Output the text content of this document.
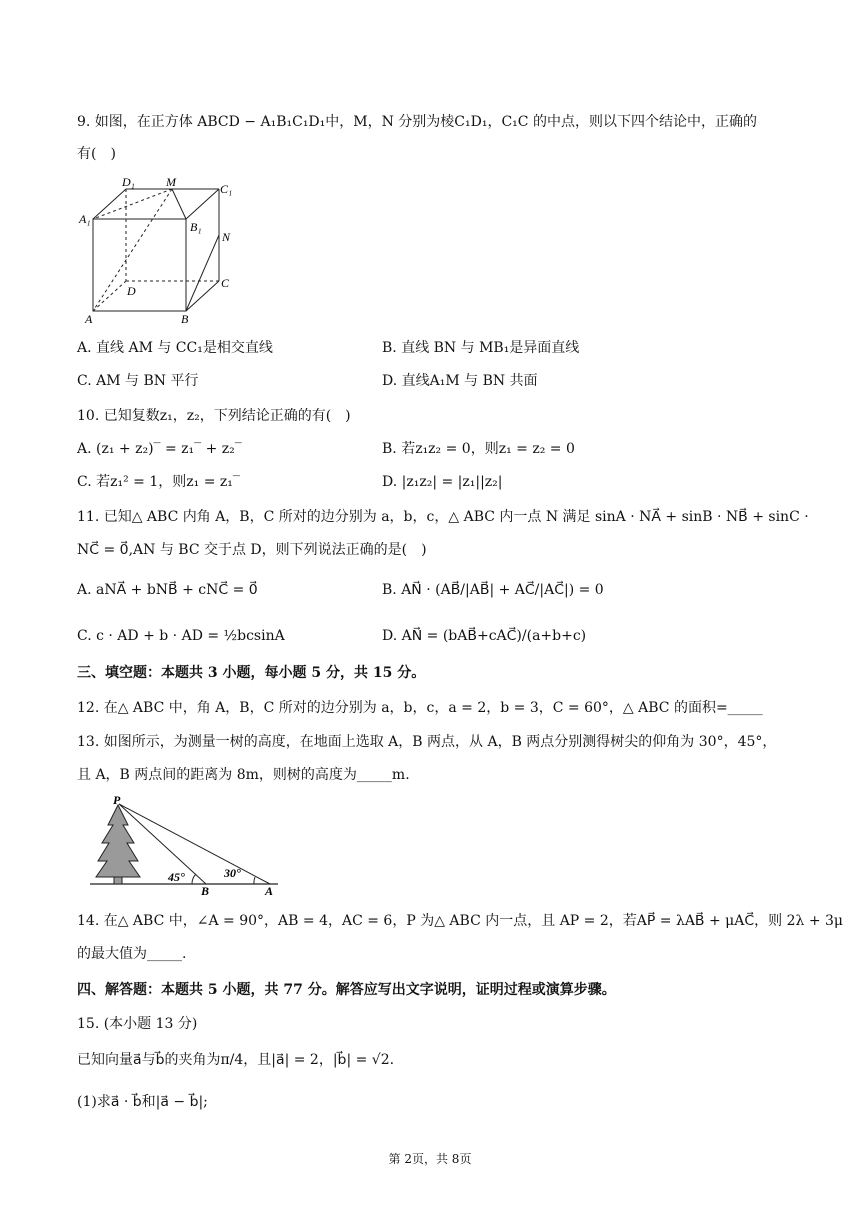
9. 如图，在正方体 ABCD − A₁B₁C₁D₁中，M，N 分别为棱C₁D₁，C₁C 的中点，则以下四个结论中，正确的
有(　)
D₁	M	C₁
A₁
B₁
N
D
C
A	B
A. 直线 AM 与 CC₁是相交直线	B. 直线 BN 与 MB₁是异面直线
C. AM 与 BN 平行	D. 直线A₁M 与 BN 共面
10. 已知复数z₁，z₂，下列结论正确的有(　)
A. (z₁ + z₂)‾ = z₁‾ + z₂‾	B. 若z₁z₂ = 0，则z₁ = z₂ = 0
C. 若z₁² = 1，则z₁ = z₁‾	D. |z₁z₂| = |z₁||z₂|
11. 已知△ ABC 内角 A，B，C 所对的边分别为 a，b，c，△ ABC 内一点 N 满足 sinA · NA⃗ + sinB · NB⃗ + sinC ·
NC⃗ = 0⃗,AN 与 BC 交于点 D，则下列说法正确的是(　)
A. aNA⃗ + bNB⃗ + cNC⃗ = 0⃗	B. AN⃗ · (AB⃗/|AB⃗| + AC⃗/|AC⃗|) = 0
C. c · AD + b · AD = ½bcsinA	D. AN⃗ = (bAB⃗+cAC⃗)/(a+b+c)
三、填空题：本题共 3 小题，每小题 5 分，共 15 分。
12. 在△ ABC 中，角 A，B，C 所对的边分别为 a，b，c，a = 2，b = 3，C = 60°，△ ABC 的面积=_____
13. 如图所示，为测量一树的高度，在地面上选取 A，B 两点，从 A，B 两点分别测得树尖的仰角为 30°，45°，
且 A，B 两点间的距离为 8m，则树的高度为_____m.
P
45°	30°
B	A
14. 在△ ABC 中，∠A = 90°，AB = 4，AC = 6，P 为△ ABC 内一点，且 AP = 2，若AP⃗ = λAB⃗ + μAC⃗，则 2λ + 3μ
的最大值为_____.
四、解答题：本题共 5 小题，共 77 分。解答应写出文字说明，证明过程或演算步骤。
15. (本小题 13 分)
已知向量a⃗与b⃗的夹角为π/4，且|a⃗| = 2，|b⃗| = √2.
(1)求a⃗ · b⃗和|a⃗ − b⃗|;
第 2页，共 8页
